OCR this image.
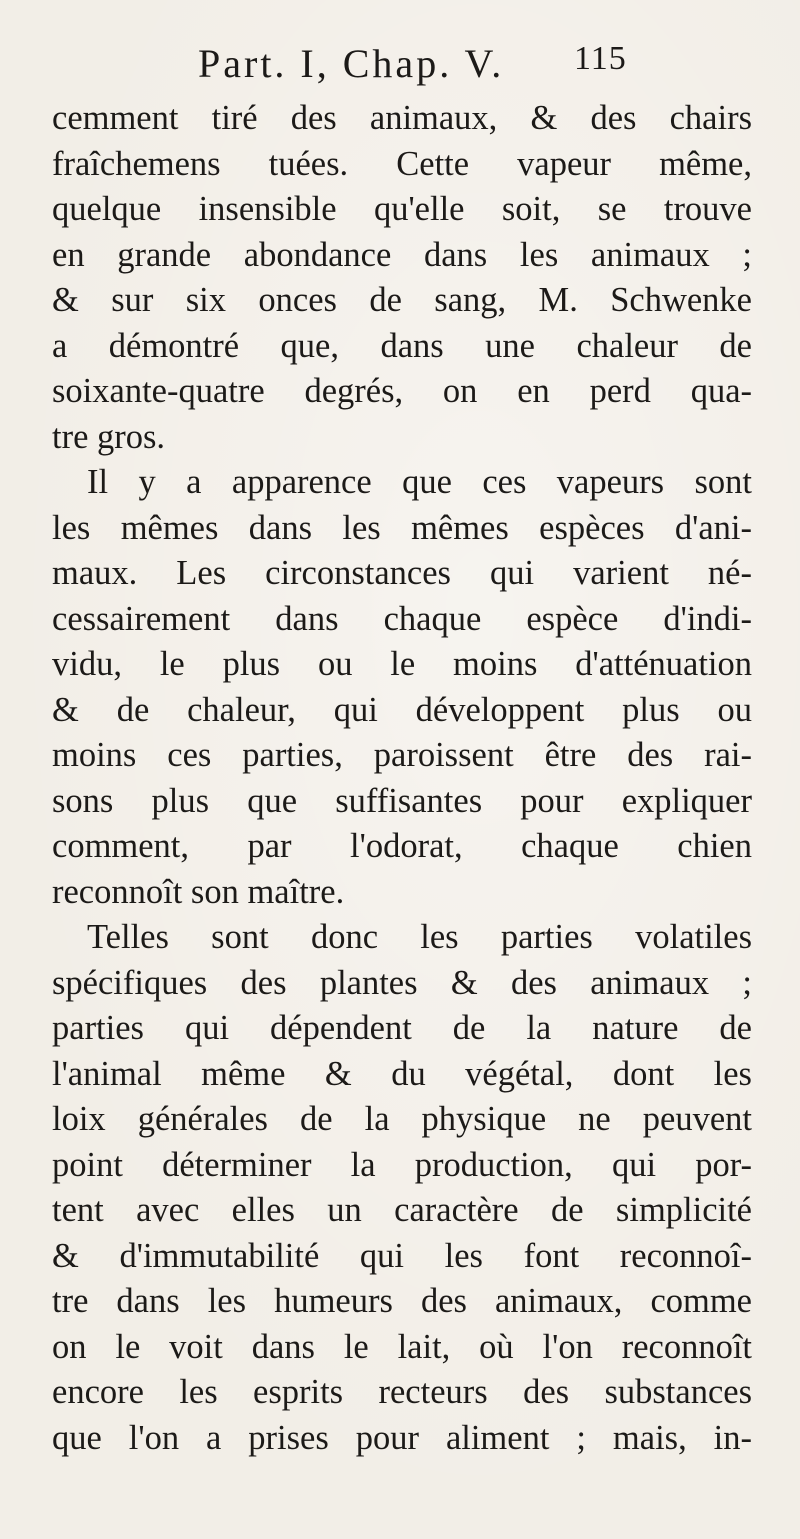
Part. I, Chap. V. 115
cemment tiré des animaux, & des chairs
fraîchemens tuées. Cette vapeur même,
quelque insensible qu'elle soit, se trouve
en grande abondance dans les animaux ;
& sur six onces de sang, M. Schwenke
a démontré que, dans une chaleur de
soixante-quatre degrés, on en perd qua-
tre gros.
Il y a apparence que ces vapeurs sont
les mêmes dans les mêmes espèces d'ani-
maux. Les circonstances qui varient né-
cessairement dans chaque espèce d'indi-
vidu, le plus ou le moins d'atténuation
& de chaleur, qui développent plus ou
moins ces parties, paroissent être des rai-
sons plus que suffisantes pour expliquer
comment, par l'odorat, chaque chien
reconnoît son maître.
Telles sont donc les parties volatiles
spécifiques des plantes & des animaux ;
parties qui dépendent de la nature de
l'animal même & du végétal, dont les
loix générales de la physique ne peuvent
point déterminer la production, qui por-
tent avec elles un caractère de simplicité
& d'immutabilité qui les font reconnoî-
tre dans les humeurs des animaux, comme
on le voit dans le lait, où l'on reconnoît
encore les esprits recteurs des substances
que l'on a prises pour aliment ; mais, in-
